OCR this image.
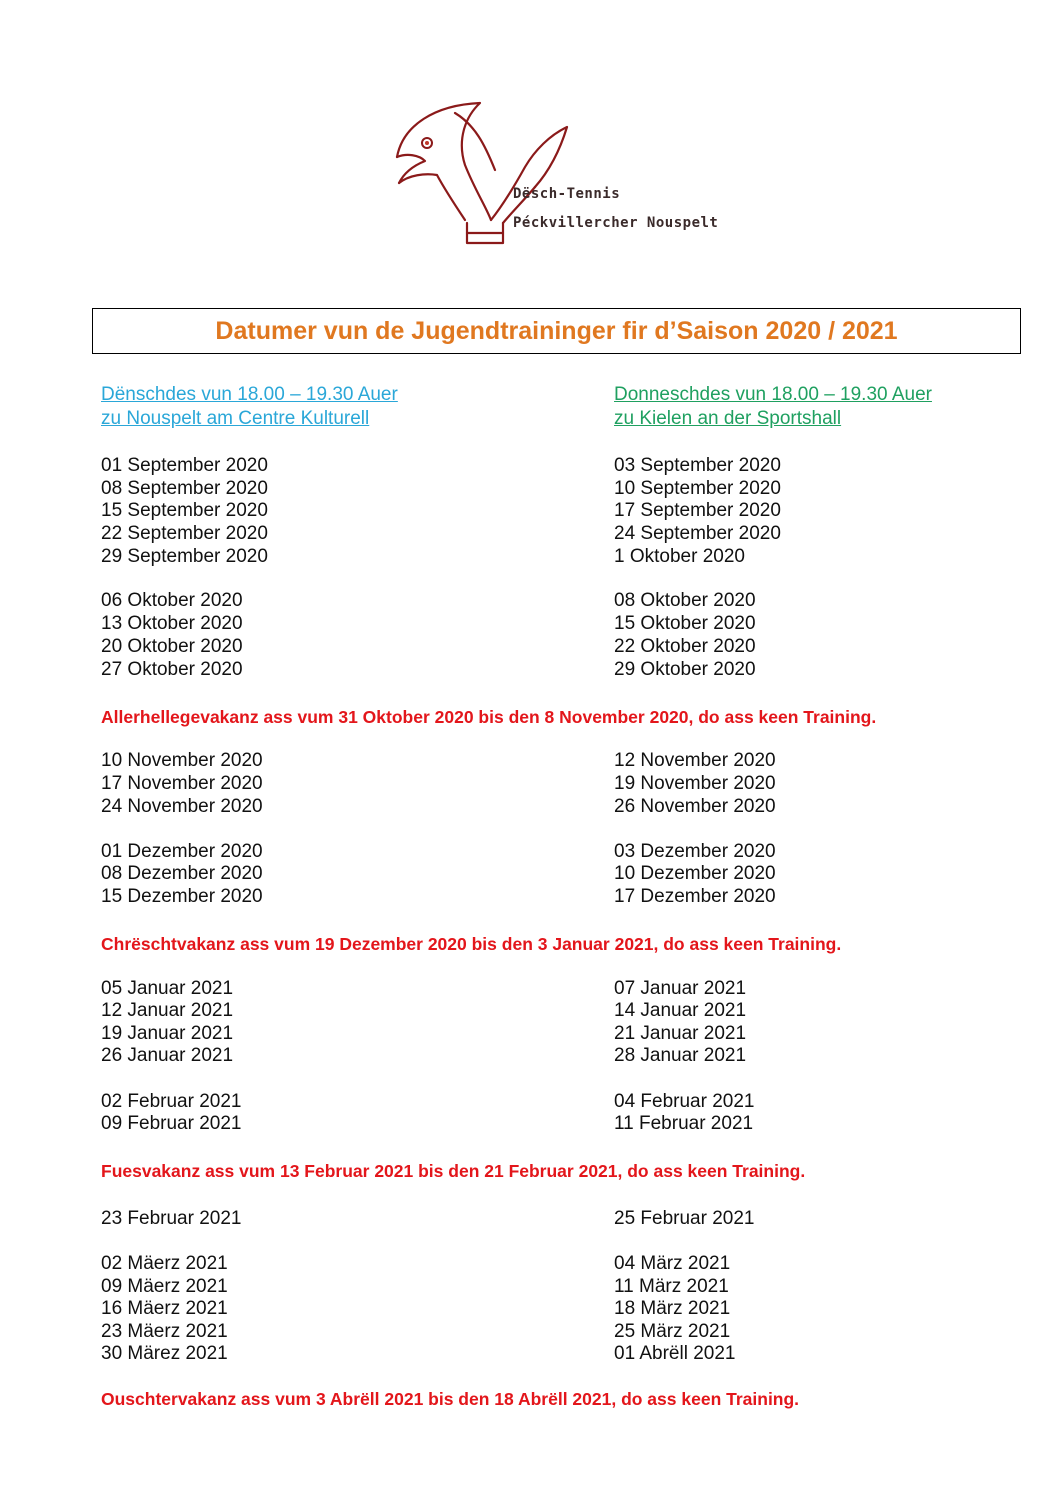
Dësch-Tennis
Péckvillercher Nouspelt
Datumer vun de Jugendtraininger fir d’Saison 2020 / 2021
Dënschdes vun 18.00 – 19.30 Auer
zu Nouspelt am Centre Kulturell
Donneschdes vun 18.00 – 19.30 Auer
zu Kielen an der Sportshall
01 September 2020
08 September 2020
15 September 2020
22 September 2020
29 September 2020
06 Oktober 2020
13 Oktober 2020
20 Oktober 2020
27 Oktober 2020
10 November 2020
17 November 2020
24 November 2020
01 Dezember 2020
08 Dezember 2020
15 Dezember 2020
05 Januar 2021
12 Januar 2021
19 Januar 2021
26 Januar 2021
02 Februar 2021
09 Februar 2021
23 Februar 2021
02 Mäerz 2021
09 Mäerz 2021
16 Mäerz 2021
23 Mäerz 2021
30 Märez 2021
03 September 2020
10 September 2020
17 September 2020
24 September 2020
1 Oktober 2020
08 Oktober 2020
15 Oktober 2020
22 Oktober 2020
29 Oktober 2020
12 November 2020
19 November 2020
26 November 2020
03 Dezember 2020
10 Dezember 2020
17 Dezember 2020
07 Januar 2021
14 Januar 2021
21 Januar 2021
28 Januar 2021
04 Februar 2021
11 Februar 2021
25 Februar 2021
04 März 2021
11 März 2021
18 März 2021
25 März 2021
01 Abrëll 2021
Allerhellegevakanz ass vum 31 Oktober 2020 bis den 8 November 2020, do ass keen Training.
Chrëschtvakanz ass vum 19 Dezember 2020 bis den 3 Januar 2021, do ass keen Training.
Fuesvakanz ass vum 13 Februar 2021 bis den 21 Februar 2021, do ass keen Training.
Ouschtervakanz ass vum 3 Abrëll 2021 bis den 18 Abrëll 2021, do ass keen Training.
